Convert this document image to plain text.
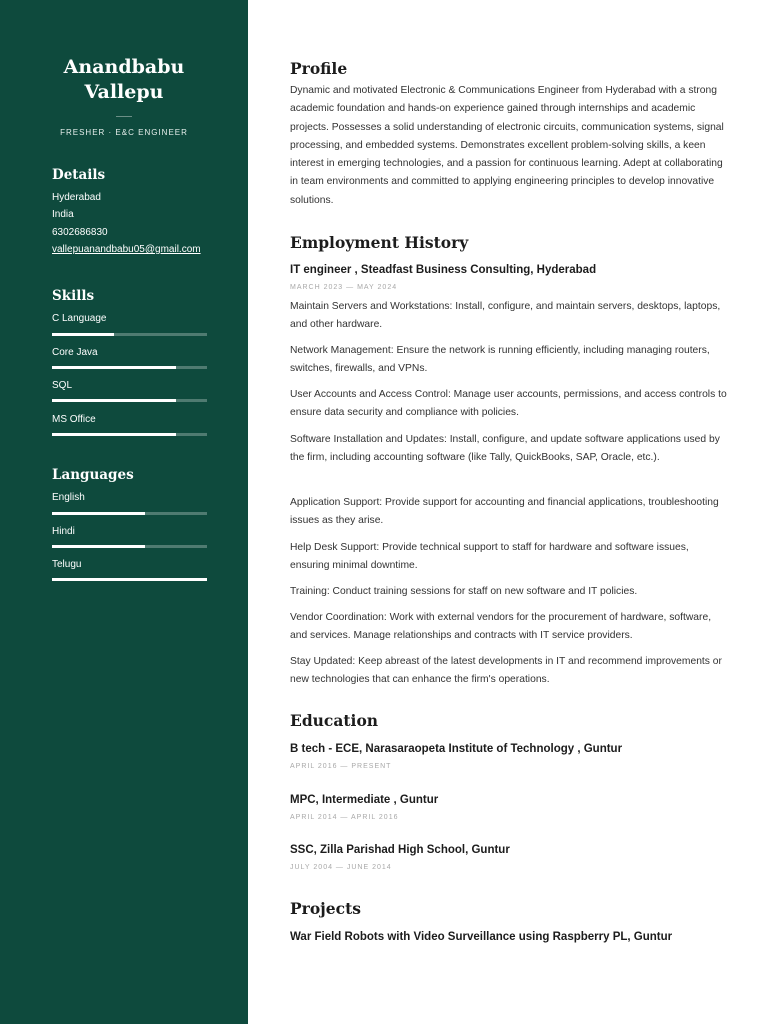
Anandbabu
Vallepu
FRESHER · E&C ENGINEER
Details
Hyderabad
India
6302686830
vallepuanandbabu05@gmail.com
Skills
C Language
Core Java
SQL
MS Office
Languages
English
Hindi
Telugu
Profile
Dynamic and motivated Electronic & Communications Engineer from Hyderabad with a strong academic foundation and hands-on experience gained through internships and academic projects. Possesses a solid understanding of electronic circuits, communication systems, signal processing, and embedded systems. Demonstrates excellent problem-solving skills, a keen interest in emerging technologies, and a passion for continuous learning. Adept at collaborating in team environments and committed to applying engineering principles to develop innovative solutions.
Employment History
IT engineer , Steadfast Business Consulting, Hyderabad
MARCH 2023 — MAY 2024
Maintain Servers and Workstations: Install, configure, and maintain servers, desktops, laptops, and other hardware.
Network Management: Ensure the network is running efficiently, including managing routers, switches, firewalls, and VPNs.
User Accounts and Access Control: Manage user accounts, permissions, and access controls to ensure data security and compliance with policies.
Software Installation and Updates: Install, configure, and update software applications used by the firm, including accounting software (like Tally, QuickBooks, SAP, Oracle, etc.).
Application Support: Provide support for accounting and financial applications, troubleshooting issues as they arise.
Help Desk Support: Provide technical support to staff for hardware and software issues, ensuring minimal downtime.
Training: Conduct training sessions for staff on new software and IT policies.
Vendor Coordination: Work with external vendors for the procurement of hardware, software, and services. Manage relationships and contracts with IT service providers.
Stay Updated: Keep abreast of the latest developments in IT and recommend improvements or new technologies that can enhance the firm's operations.
Education
B tech - ECE, Narasaraopeta Institute of Technology , Guntur
APRIL 2016 — PRESENT
MPC, Intermediate , Guntur
APRIL 2014 — APRIL 2016
SSC, Zilla Parishad High School, Guntur
JULY 2004 — JUNE 2014
Projects
War Field Robots with Video Surveillance using Raspberry PL, Guntur
